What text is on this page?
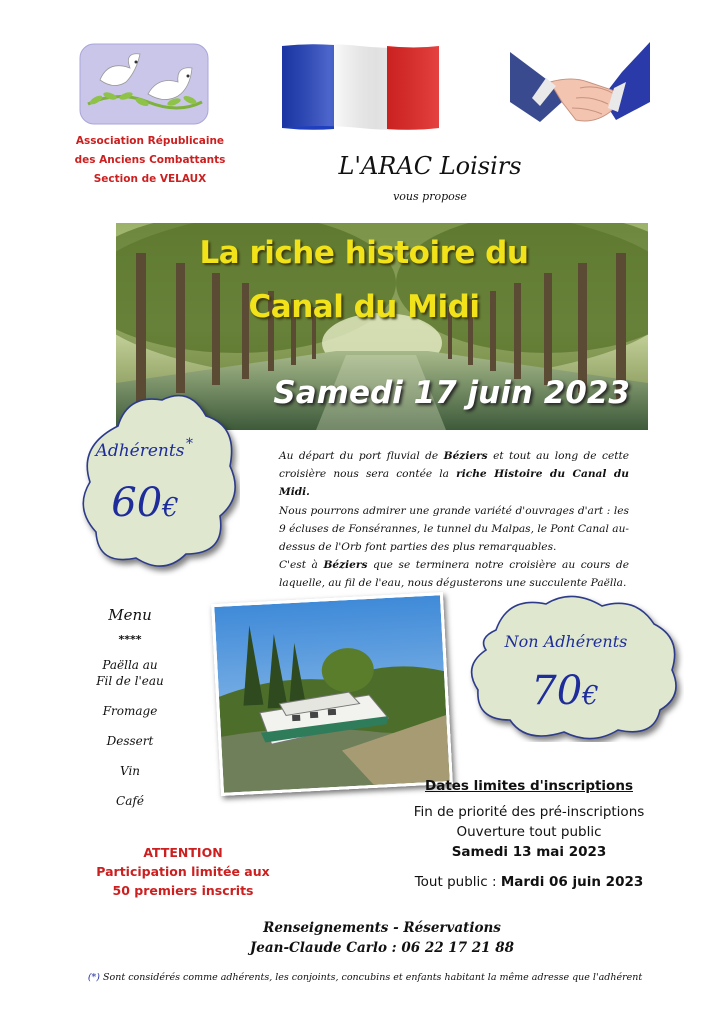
Association Républicaine
des Anciens Combattants
Section de VELAUX	L'ARAC Loisirs
vous propose
La riche histoire du
Canal du Midi
Samedi 17 juin 2023
Adhérents *
60€
Au départ du port fluvial de Béziers et tout au long de cette croisière nous sera contée la riche Histoire du Canal du Midi.
Nous pourrons admirer une grande variété d'ouvrages d'art : les 9 écluses de Fonsérannes, le tunnel du Malpas, le Pont Canal au-dessus de l'Orb font parties des plus remarquables.
C'est à Béziers que se terminera notre croisière au cours de laquelle, au fil de l'eau, nous dégusterons une succulente Paëlla.
Menu
****
Paëlla au
Fil de l'eau
Fromage
Dessert
Vin
Café
Non Adhérents
70€
ATTENTION
Participation limitée aux
50 premiers inscrits
Dates limites d'inscriptions
Fin de priorité des pré-inscriptions
Ouverture tout public
Samedi 13 mai 2023
Tout public : Mardi 06 juin 2023
Renseignements - Réservations
Jean-Claude Carlo : 06 22 17 21 88
(*) Sont considérés comme adhérents, les conjoints, concubins et enfants habitant la même adresse que l'adhérent
